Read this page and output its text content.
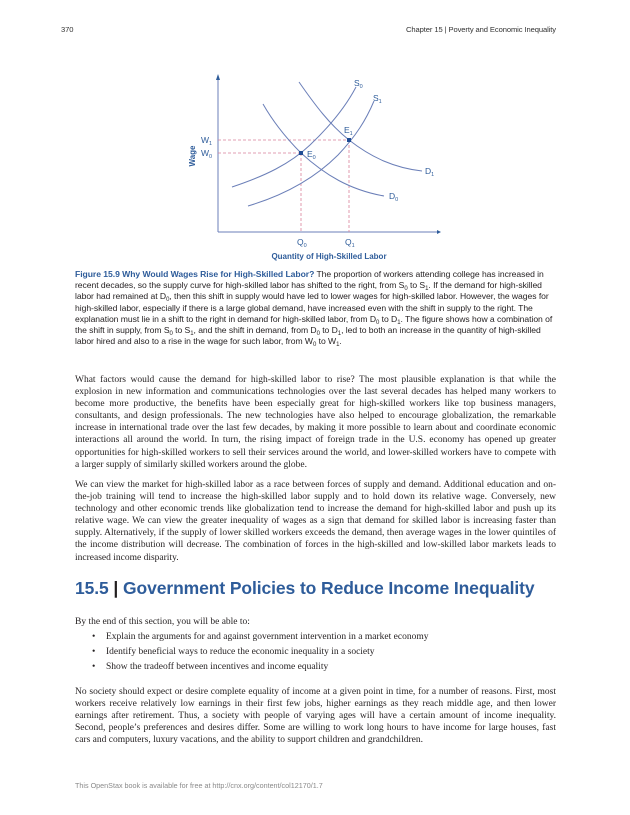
370	Chapter 15 | Poverty and Economic Inequality
$S_0$
$S_1$
$D_0$
$D_1$
$E_0$
$E_1$
$W_1$
$W_0$
$Q_0$	$Q_1$
Quantity of High-Skilled Labor
Wage
Figure 15.9 Why Would Wages Rise for High-Skilled Labor? The proportion of workers attending college has increased in recent decades, so the supply curve for high-skilled labor has shifted to the right, from $S_0$ to $S_1$. If the demand for high-skilled labor had remained at $D_0$, then this shift in supply would have led to lower wages for high-skilled labor. However, the wages for high-skilled labor, especially if there is a large global demand, have increased even with the shift in supply to the right. The explanation must lie in a shift to the right in demand for high-skilled labor, from $D_0$ to $D_1$. The figure shows how a combination of the shift in supply, from $S_0$ to $S_1$, and the shift in demand, from $D_0$ to $D_1$, led to both an increase in the quantity of high-skilled labor hired and also to a rise in the wage for such labor, from $W_0$ to $W_1$.

What factors would cause the demand for high-skilled labor to rise? The most plausible explanation is that while the explosion in new information and communications technologies over the last several decades has helped many workers to become more productive, the benefits have been especially great for high-skilled workers like top business managers, consultants, and design professionals. The new technologies have also helped to encourage globalization, the remarkable increase in international trade over the last few decades, by making it more possible to learn about and coordinate economic interactions all around the world. In turn, the rising impact of foreign trade in the U.S. economy has opened up greater opportunities for high-skilled workers to sell their services around the world, and lower-skilled workers have to compete with a larger supply of similarly skilled workers around the globe.

We can view the market for high-skilled labor as a race between forces of supply and demand. Additional education and on-the-job training will tend to increase the high-skilled labor supply and to hold down its relative wage. Conversely, new technology and other economic trends like globalization tend to increase the demand for high-skilled labor and push up its relative wage. We can view the greater inequality of wages as a sign that demand for skilled labor is increasing faster than supply. Alternatively, if the supply of lower skilled workers exceeds the demand, then average wages in the lower quintiles of the income distribution will decrease. The combination of forces in the high-skilled and low-skilled labor markets leads to increased income disparity.

15.5 | Government Policies to Reduce Income Inequality
By the end of this section, you will be able to:
• Explain the arguments for and against government intervention in a market economy
• Identify beneficial ways to reduce the economic inequality in a society
• Show the tradeoff between incentives and income equality

No society should expect or desire complete equality of income at a given point in time, for a number of reasons. First, most workers receive relatively low earnings in their first few jobs, higher earnings as they reach middle age, and then lower earnings after retirement. Thus, a society with people of varying ages will have a certain amount of income inequality. Second, people’s preferences and desires differ. Some are willing to work long hours to have income for large houses, fast cars and computers, luxury vacations, and the ability to support children and grandchildren.

This OpenStax book is available for free at http://cnx.org/content/col12170/1.7
